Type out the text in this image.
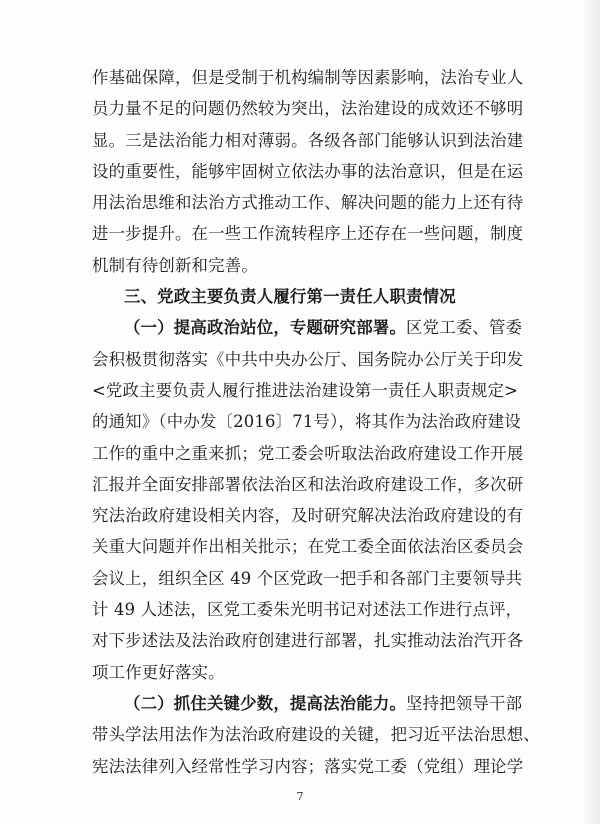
作基础保障，但是受制于机构编制等因素影响，法治专业人
员力量不足的问题仍然较为突出，法治建设的成效还不够明
显。三是法治能力相对薄弱。各级各部门能够认识到法治建
设的重要性，能够牢固树立依法办事的法治意识，但是在运
用法治思维和法治方式推动工作、解决问题的能力上还有待
进一步提升。在一些工作流转程序上还存在一些问题，制度
机制有待创新和完善。
三、党政主要负责人履行第一责任人职责情况
（一）提高政治站位，专题研究部署。区党工委、管委
会积极贯彻落实《中共中央办公厅、国务院办公厅关于印发
<党政主要负责人履行推进法治建设第一责任人职责规定>
的通知》（中办发〔2016〕71号），将其作为法治政府建设
工作的重中之重来抓；党工委会听取法治政府建设工作开展
汇报并全面安排部署依法治区和法治政府建设工作，多次研
究法治政府建设相关内容，及时研究解决法治政府建设的有
关重大问题并作出相关批示；在党工委全面依法治区委员会
会议上，组织全区 49 个区党政一把手和各部门主要领导共
计 49 人述法，区党工委朱光明书记对述法工作进行点评，
对下步述法及法治政府创建进行部署，扎实推动法治汽开各
项工作更好落实。
（二）抓住关键少数，提高法治能力。坚持把领导干部
带头学法用法作为法治政府建设的关键，把习近平法治思想、
宪法法律列入经常性学习内容；落实党工委（党组）理论学
7
